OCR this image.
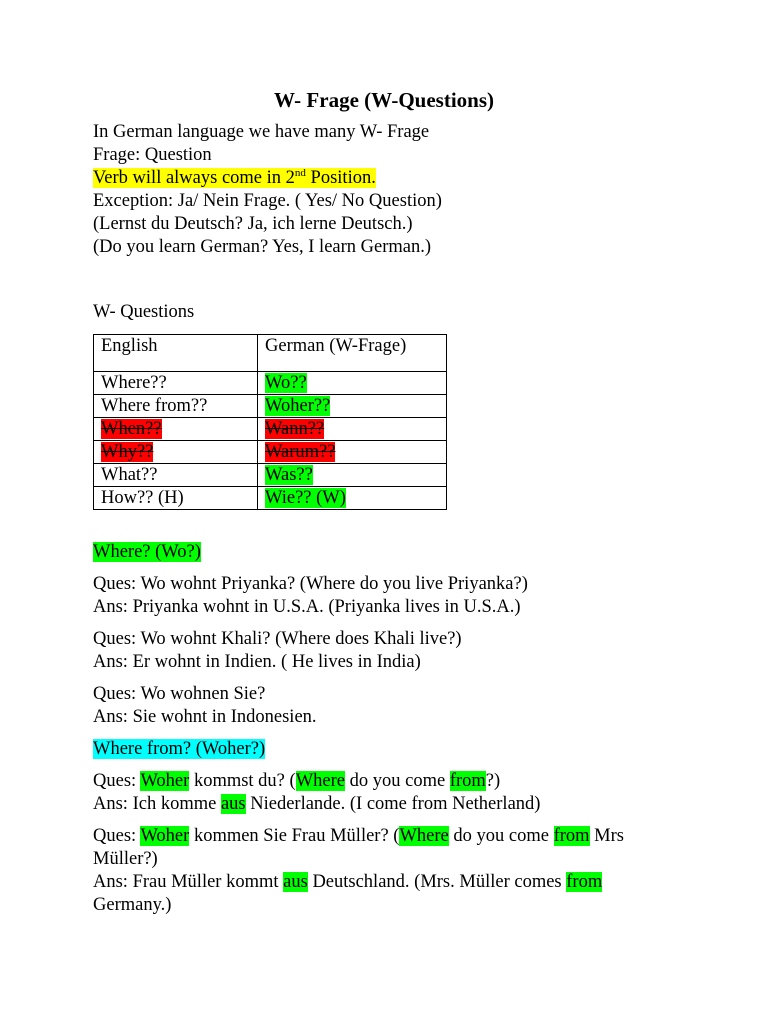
W- Frage (W-Questions)
In German language we have many W- Frage
Frage: Question
Verb will always come in 2nd Position.
Exception: Ja/ Nein Frage. ( Yes/ No Question)
(Lernst du Deutsch? Ja, ich lerne Deutsch.)
(Do you learn German? Yes, I learn German.)
W- Questions
English	German (W-Frage)
Where??	Wo??
Where from??	Woher??
When??	Wann??
Why??	Warum??
What??	Was??
How?? (H)	Wie?? (W)
Where? (Wo?)
Ques: Wo wohnt Priyanka? (Where do you live Priyanka?)
Ans: Priyanka wohnt in U.S.A. (Priyanka lives in U.S.A.)
Ques: Wo wohnt Khali? (Where does Khali live?)
Ans: Er wohnt in Indien. ( He lives in India)
Ques: Wo wohnen Sie?
Ans: Sie wohnt in Indonesien.
Where from? (Woher?)
Ques: Woher kommst du? (Where do you come from?)
Ans: Ich komme aus Niederlande. (I come from Netherland)
Ques: Woher kommen Sie Frau Müller? (Where do you come from Mrs Müller?)
Ans: Frau Müller kommt aus Deutschland. (Mrs. Müller comes from Germany.)
